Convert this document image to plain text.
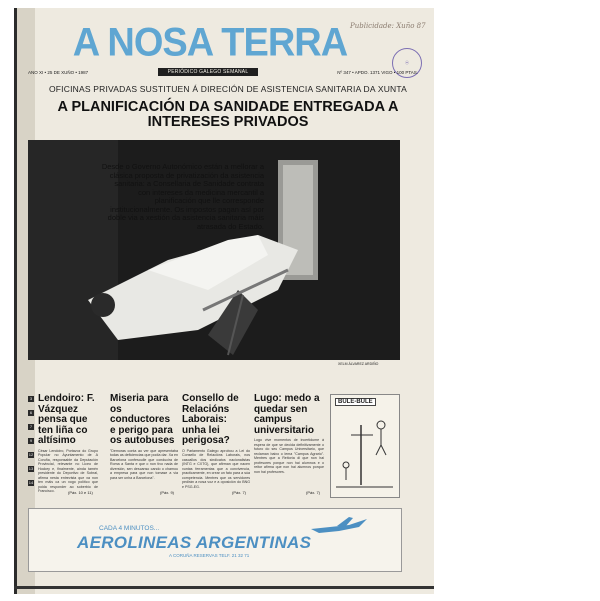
Publicidade: Xuño 87
⦿
A NOSA TERRA
ANO XI • 25 DE XUÑO • 1987	Nº 347 • APDO. 1371 VIGO • 100 PTAS.
PERIÓDICO GALEGO SEMANAL
OFICINAS PRIVADAS SUSTITUEN Á DIRECIÓN DE ASISTENCIA SANITARIA DA XUNTA
A PLANIFICACIÓN DA SANIDADE ENTREGADA A INTERESES PRIVADOS
Desde o Governo Autonómico están a mellorar a clásica proposta de privatización da asistencia sanitaria: a Consellaria de Sanidade contrata con intereses da medicina mercantil a planificación que lle corresponde institucionalmente. Os impostos pagan así por doble via a xestión da asistencia sanitaria máis atrasada do Estado.
XELM ÁLVAREZ ARDIÑO
3
6
7
9
12
13
14
Lendoiro: F. Vázquez pensa que ten liña co altísimo

César Lendoiro, Portavoz do Grupo Popular no Ayuntamento de A Coruña, responsable da Deputación Provincial, relevante no Liceo de Hockey e, finalmente, aínda tamén presidente do Deportivo de Sobral, afirma nesta entrevista que xa non ten máis ca un xogo político que poida responder ao soberbio de Francisco.	(Páx. 10 e 11)
Miseria para os conductores e perigo para os autobuses

"Demoras conta ao ver que apresentaba todas as deficiencias que podía dar. Xa en Barcelona confesoulle que conducira de Roma a Santa e que o non tivo nada de diversión, sen descanso cando o chamou a empresa para que non tomase a via para ser unha a Barcelona".

(Páx. 9)
Consello de Relacións Laborais: unha lei perigosa?

O Parlamento Galego aprobou a Lei do Consello de Relacións Laborais, nos cascallos dos sindicatos nacionalistas (INTG e CXTG), que afirman que nacen xuntas ferramentas que a convivencia, practicamente, en crear un fato para a súa competencia. Mentres que os servidores pedirán a nosa voz e a oposición do BNG e PSG-EG.

(Páx. 7)
Lugo: medo a quedar sen campus universitario

Logo vive momentos de incertidume á espera de que se decida definitivamente o futuro do seu Campus Universitario, que reclaman baixo o lema "Campus Agrario". Mentres que a Reitoría di que non hai profesores porque non hai alumnos e o reitor afirma que non hai alumnos porque non hai profesores.

(Páx. 7)
BULE-BULE
CADA 4 MINUTOS...
AEROLINEAS ARGENTINAS
A CORUÑA RESERVAS TELF. 21 32 71
